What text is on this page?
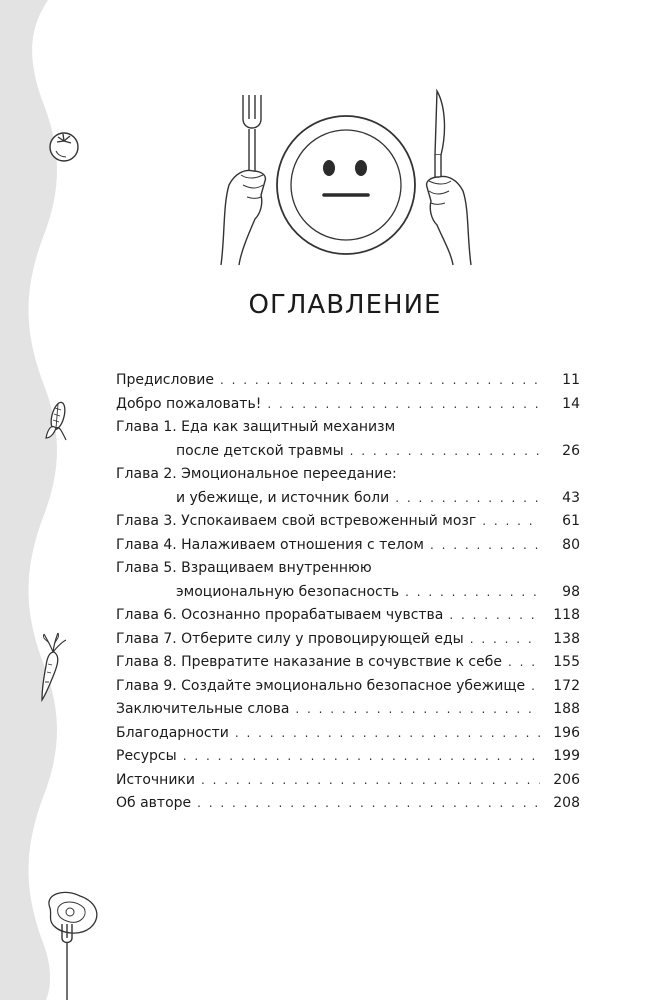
ОГЛАВЛЕНИЕ
Предисловие . . .	11
Добро пожаловать! . . .	14
Глава 1. Еда как защитный механизм
после детской травмы . . .	26
Глава 2. Эмоциональное переедание:
и убежище, и источник боли . . .	43
Глава 3. Успокаиваем свой встревоженный мозг . . .	61
Глава 4. Налаживаем отношения с телом . . .	80
Глава 5. Взращиваем внутреннюю
эмоциональную безопасность . . .	98
Глава 6. Осознанно прорабатываем чувства . . .	118
Глава 7. Отберите силу у провоцирующей еды . . .	138
Глава 8. Превратите наказание в сочувствие к себе . . .	155
Глава 9. Создайте эмоционально безопасное убежище . . .	172
Заключительные слова . . .	188
Благодарности . . .	196
Ресурсы . . .	199
Источники . . .	206
Об авторе . . .	208
